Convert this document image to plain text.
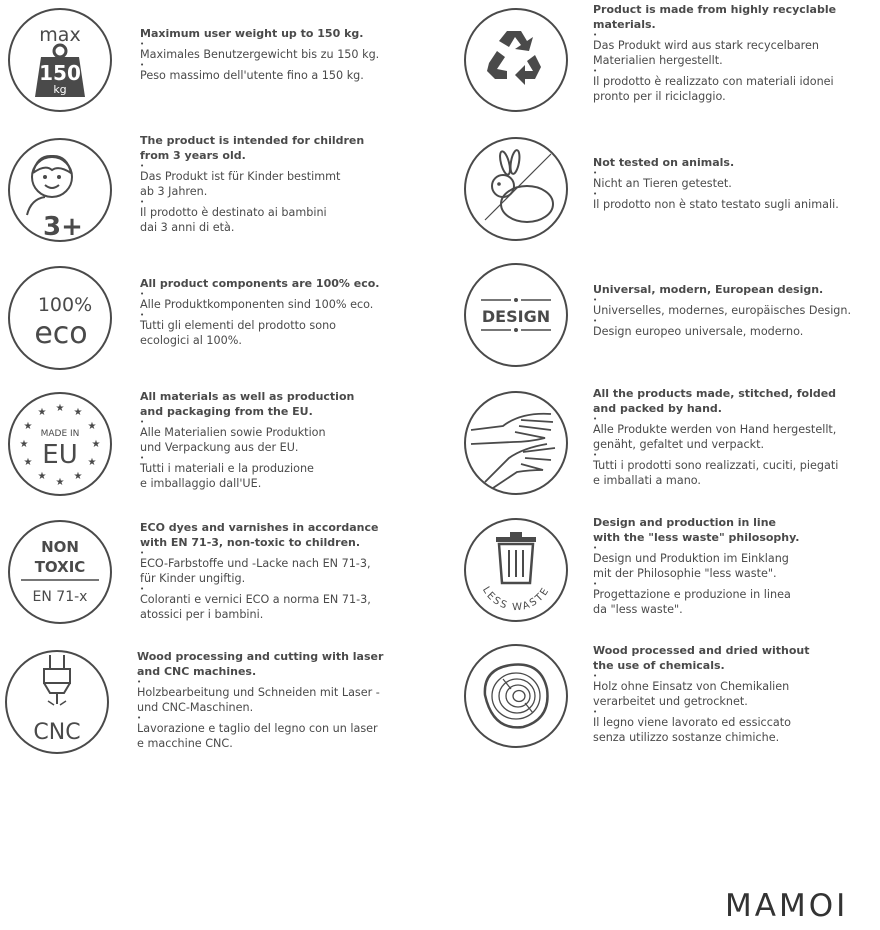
max
150
kg

Maximum user weight up to 150 kg.

•

Maximales Benutzergewicht bis zu 150 kg.

•

Peso massimo dell'utente fino a 150 kg.

3+

The product is intended for children
from 3 years old.

•

Das Produkt ist für Kinder bestimmt
ab 3 Jahren.

•

Il prodotto è destinato ai bambini
dai 3 anni di età.

100%
eco

All product components are 100% eco.

•

Alle Produktkomponenten sind 100% eco.

•

Tutti gli elementi del prodotto sono
ecologici al 100%.

★
★	★
★	★
★	★
★	★
★	★
★
MADE IN
EU

All materials as well as production
and packaging from the EU.

•

Alle Materialien sowie Produktion
und Verpackung aus der EU.

•

Tutti i materiali e la produzione
e imballaggio dall'UE.

NON
TOXIC
EN 71-x

ECO dyes and varnishes in accordance
with EN 71-3, non-toxic to children.

•

ECO-Farbstoffe und -Lacke nach EN 71-3,
für Kinder ungiftig.

•

Coloranti e vernici ECO a norma EN 71-3,
atossici per i bambini.

CNC

Wood processing and cutting with laser
and CNC machines.

•

Holzbearbeitung und Schneiden mit Laser -
und CNC-Maschinen.

•

Lavorazione e taglio del legno con un laser
e macchine CNC.

Product is made from highly recyclable
materials.

•

Das Produkt wird aus stark recycelbaren
Materialien hergestellt.

•

Il prodotto è realizzato con materiali idonei
pronto per il riciclaggio.

Not tested on animals.

•

Nicht an Tieren getestet.

•

Il prodotto non è stato testato sugli animali.

DESIGN

Universal, modern, European design.

•

Universelles, modernes, europäisches Design.

•

Design europeo universale, moderno.

All the products made, stitched, folded
and packed by hand.

•

Alle Produkte werden von Hand hergestellt,
genäht, gefaltet und verpackt.

•

Tutti i prodotti sono realizzati, cuciti, piegati
e imballati a mano.

LESS WASTE

Design and production in line
with the "less waste" philosophy.

•

Design und Produktion im Einklang
mit der Philosophie "less waste".

•

Progettazione e produzione in linea
da "less waste".

Wood processed and dried without
the use of chemicals.

•

Holz ohne Einsatz von Chemikalien
verarbeitet und getrocknet.

•

Il legno viene lavorato ed essiccato
senza utilizzo sostanze chimiche.

MAMOI
